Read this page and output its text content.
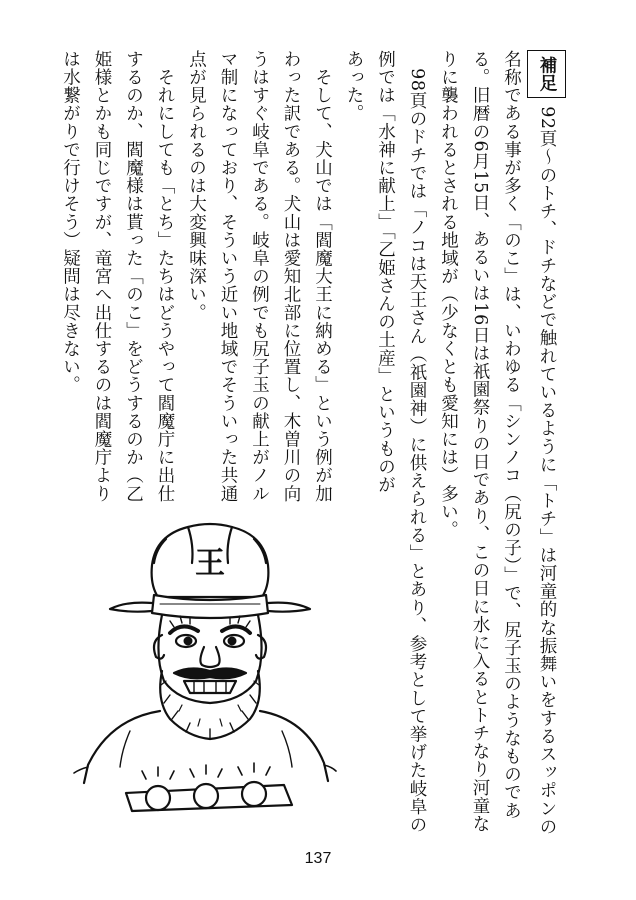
補足92頁～のトチ、ドチなどで触れているように「トチ」は河童的な振舞いをするスッポンの
名称である事が多く「のこ」は、いわゆる「シンノコ（尻の子）」で、尻子玉のようなものであ
る。旧暦の6月15日、あるいは16日は祇園祭りの日であり、この日に水に入るとトチなり河童な
りに襲われるとされる地域が（少なくとも愛知には）多い。
　98頁のドチでは「ノコは天王さん（祇園神）に供えられる」とあり、参考として挙げた岐阜の
例では「水神に献上」「乙姫さんの土産」というものが
あった。
　そして、犬山では「閻魔大王に納める」という例が加
わった訳である。犬山は愛知北部に位置し、木曽川の向
うはすぐ岐阜である。岐阜の例でも尻子玉の献上がノル
マ制になっており、そういう近い地域でそういった共通
点が見られるのは大変興味深い。
　それにしても「とち」たちはどうやって閻魔庁に出仕
するのか、閻魔様は貰った「のこ」をどうするのか（乙
姫様とかも同じですが、竜宮へ出仕するのは閻魔庁より
は水繋がりで行けそう）疑問は尽きない。
王
137
